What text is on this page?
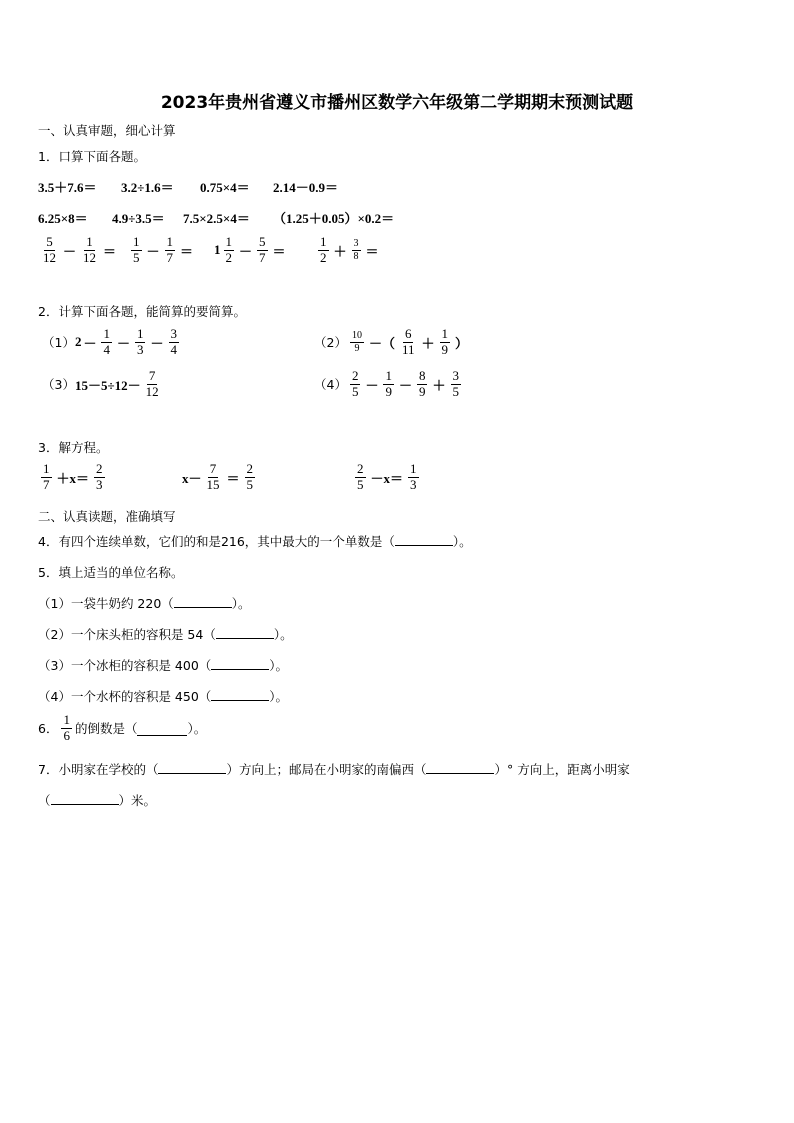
2023年贵州省遵义市播州区数学六年级第二学期期末预测试题
一、认真审题，细心计算
1．口算下面各题。
3.5＋7.6＝ 3.2÷1.6＝ 0.75×4＝ 2.14－0.9＝
6.25×8＝ 4.9÷3.5＝ 7.5×2.5×4＝ （1.25＋0.05）×0.2＝
$\frac{5}{12} - \frac{1}{12} = \frac{1}{5} - \frac{1}{7} = 1 \frac{1}{2} - \frac{5}{7} = \frac{1}{2} + \frac{3}{8}$ ＝
2．计算下面各题，能简算的要简算。
（1） $2 - \frac{1}{4} - \frac{1}{3} - \frac{3}{4}$	$(2) \frac{10}{9}$ －（ $\frac{6}{11} + \frac{1}{9}$ ）
（3） $15-5\div 12- \frac{7}{12}$	$(4) \frac{2}{5} - \frac{1}{9} - \frac{8}{9} + \frac{3}{5}$
3．解方程。
$\frac{1}{7} +x= \frac{2}{3}$	$x- \frac{7}{15} = \frac{2}{5}$	$\frac{2}{5} -x= \frac{1}{3}$
二、认真读题，准确填写
4．有四个连续单数，它们的和是216，其中最大的一个单数是（	）。
5．填上适当的单位名称。
（1）一袋牛奶约 220（	）。
（2）一个床头柜的容积是 54（	）。
（3）一个冰柜的容积是 400（	）。
（4）一个水杯的容积是 450（	）。
6． $\frac{1}{6}$ 的倒数是（	）。
7．小明家在学校的（	）方向上；邮局在小明家的南偏西（	）° 方向上，距离小明家
（	）米。
